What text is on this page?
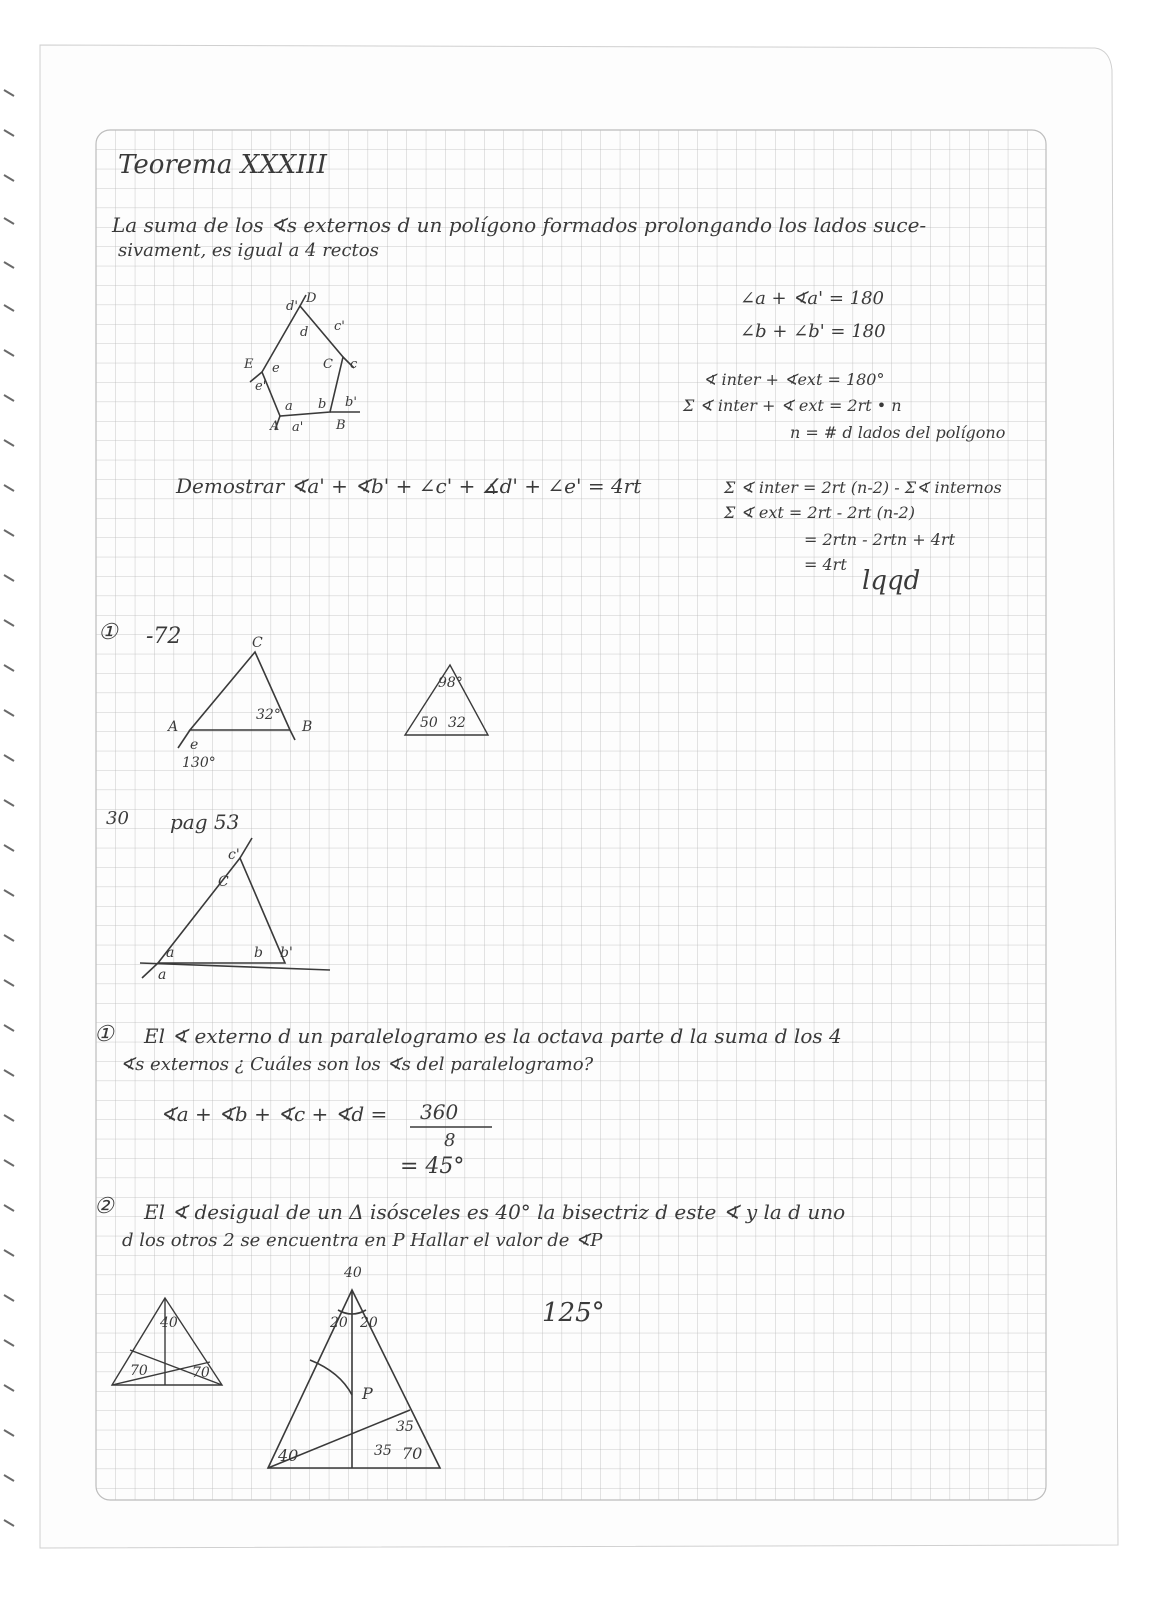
Teorema XXXIII
La suma de los ∢s externos d un polígono formados prolongando los lados suce-
sivament, es igual a 4 rectos
D
d'
d c'
c
C
E e
e'
b b'
a
A a'	B
∠a + ∢a' = 180
∠b + ∠b' = 180
∢ inter + ∢ext = 180°
Σ ∢ inter + ∢ ext = 2rt • n
n = # d lados del polígono
Demostrar ∢a' + ∢b' + ∠c' + ∡d' + ∠e' = 4rt	Σ ∢ inter = 2rt (n-2) - Σ∢ internos
Σ ∢ ext = 2rt - 2rt (n-2)
= 2rtn - 2rtn + 4rt
= 4rt
lqqd
① -72	C
32°
A	B
e
130°
98°
50 32
30 pag 53
c'
C
a
a
b b'
① El ∢ externo d un paralelogramo es la octava parte d la suma d los 4
∢s externos ¿ Cuáles son los ∢s del paralelogramo?
∢a + ∢b + ∢c + ∢d = 360
8
= 45°
② El ∢ desigual de un Δ isósceles es 40° la bisectriz d este ∢ y la d uno
d los otros 2 se encuentra en P Hallar el valor de ∢P
125°
40
70	70
40
20 20
P
35
35
40	70
